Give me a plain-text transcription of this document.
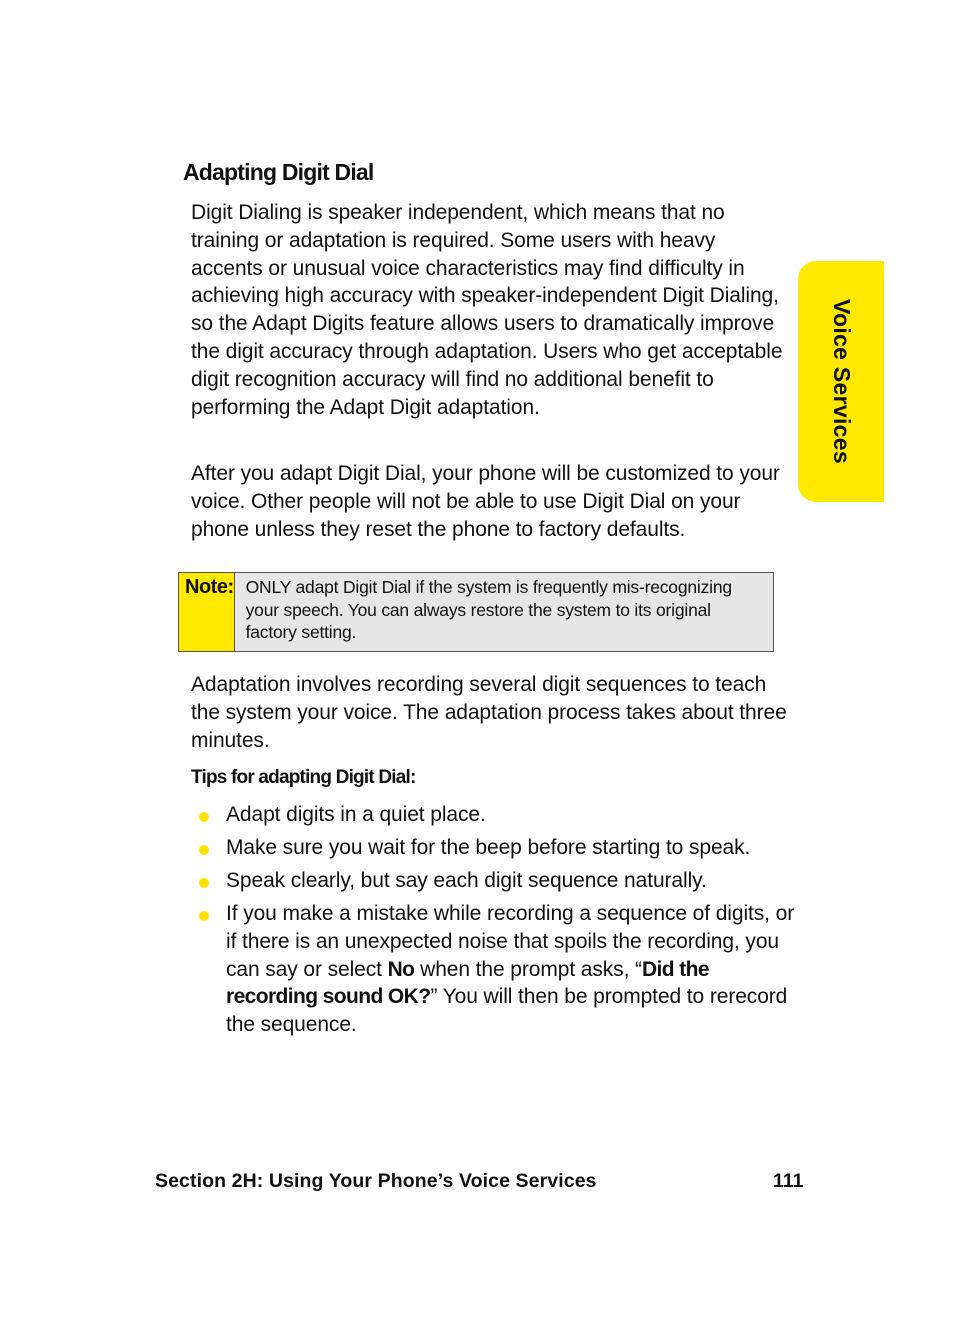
Adapting Digit Dial

Digit Dialing is speaker independent, which means that no training or adaptation is required. Some users with heavy accents or unusual voice characteristics may find difficulty in achieving high accuracy with speaker-independent Digit Dialing, so the Adapt Digits feature allows users to dramatically improve the digit accuracy through adaptation. Users who get acceptable digit recognition accuracy will find no additional benefit to performing the Adapt Digit adaptation.	Voice Services

After you adapt Digit Dial, your phone will be customized to your voice. Other people will not be able to use Digit Dial on your phone unless they reset the phone to factory defaults.

Note: ONLY adapt Digit Dial if the system is frequently mis-recognizing your speech. You can always restore the system to its original factory setting.

Adaptation involves recording several digit sequences to teach the system your voice. The adaptation process takes about three minutes.

Tips for adapting Digit Dial:
Adapt digits in a quiet place.
Make sure you wait for the beep before starting to speak.
Speak clearly, but say each digit sequence naturally.
If you make a mistake while recording a sequence of digits, or if there is an unexpected noise that spoils the recording, you can say or select No when the prompt asks, “Did the recording sound OK?” You will then be prompted to rerecord the sequence.

Section 2H: Using Your Phone’s Voice Services	111
